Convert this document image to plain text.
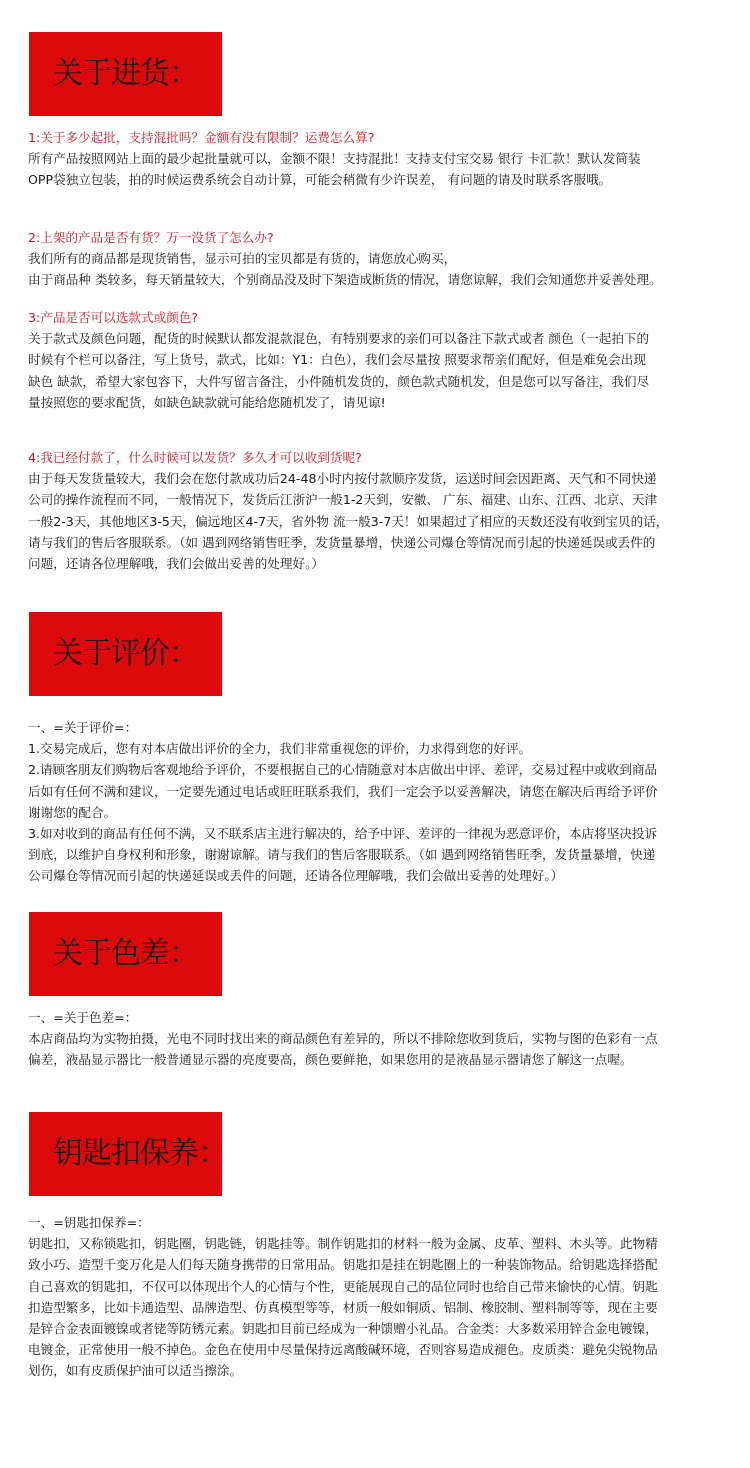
关于进货：
1:关于多少起批，支持混批吗？金额有没有限制？运费怎么算?
所有产品按照网站上面的最少起批量就可以，金额不限！支持混批！支持支付宝交易 银行 卡汇款！默认发简装
OPP袋独立包装，拍的时候运费系统会自动计算，可能会稍微有少许误差， 有问题的请及时联系客服哦。
2:上架的产品是否有货？万一没货了怎么办?
我们所有的商品都是现货销售，显示可拍的宝贝都是有货的，请您放心购买，
由于商品种 类较多，每天销量较大，个别商品没及时下架造成断货的情况，请您谅解，我们会知通您并妥善处理。
3:产品是否可以选款式或颜色?
关于款式及颜色问题，配货的时候默认都发混款混色，有特别要求的亲们可以备注下款式或者 颜色（一起拍下的
时候有个栏可以备注，写上货号，款式，比如：Y1：白色），我们会尽量按 照要求帮亲们配好，但是难免会出现
缺色 缺款，希望大家包容下，大件写留言备注，小件随机发货的，颜色款式随机发，但是您可以写备注，我们尽
量按照您的要求配货，如缺色缺款就可能给您随机发了，请见谅!
4:我已经付款了，什么时候可以发货？多久才可以收到货呢?
由于每天发货量较大，我们会在您付款成功后24-48小时内按付款顺序发货，运送时间会因距离、天气和不同快递
公司的操作流程而不同，一般情况下，发货后江浙沪一般1-2天到，安徽、 广东、福建、山东、江西、北京、天津
一般2-3天，其他地区3-5天，偏远地区4-7天，省外物 流一般3-7天！如果超过了相应的天数还没有收到宝贝的话，
请与我们的售后客服联系。（如 遇到网络销售旺季，发货量暴增，快递公司爆仓等情况而引起的快递延误或丢件的
问题，还请各位理解哦，我们会做出妥善的处理好。）
关于评价：
一、=关于评价=：
1.交易完成后，您有对本店做出评价的全力，我们非常重视您的评价，力求得到您的好评。
2.请顾客朋友们购物后客观地给予评价，不要根据自己的心情随意对本店做出中评、差评，交易过程中或收到商品
后如有任何不满和建议，一定要先通过电话或旺旺联系我们，我们一定会予以妥善解决，请您在解决后再给予评价
谢谢您的配合。
3.如对收到的商品有任何不满，又不联系店主进行解决的，给予中评、差评的一律视为恶意评价，本店将坚决投诉
到底，以维护自身权利和形象，谢谢谅解。请与我们的售后客服联系。（如 遇到网络销售旺季，发货量暴增，快递
公司爆仓等情况而引起的快递延误或丢件的问题，还请各位理解哦，我们会做出妥善的处理好。）
关于色差：
一、=关于色差=：
本店商品均为实物拍摄，光电不同时找出来的商品颜色有差异的，所以不排除您收到货后，实物与图的色彩有一点
偏差，液晶显示器比一般普通显示器的亮度要高，颜色要鲜艳，如果您用的是液晶显示器请您了解这一点喔。
钥匙扣保养：
一、=钥匙扣保养=：
钥匙扣，又称锁匙扣，钥匙圈，钥匙链，钥匙挂等。制作钥匙扣的材料一般为金属、皮革、塑料、木头等。此物精
致小巧、造型千变万化是人们每天随身携带的日常用品。钥匙扣是挂在钥匙圈上的一种装饰物品。给钥匙选择搭配
自己喜欢的钥匙扣，不仅可以体现出个人的心情与个性，更能展现自己的品位同时也给自己带来愉快的心情。钥匙
扣造型繁多，比如卡通造型、品牌造型、仿真模型等等，材质一般如铜质、铝制、橡胶制、塑料制等等，现在主要
是锌合金表面镀镍或者铑等防锈元素。钥匙扣目前已经成为一种馈赠小礼品。合金类：大多数采用锌合金电镀镍，
电镀金，正常使用一般不掉色。金色在使用中尽量保持远离酸碱环境，否则容易造成褪色。皮质类：避免尖锐物品
划伤，如有皮质保护油可以适当擦涂。
